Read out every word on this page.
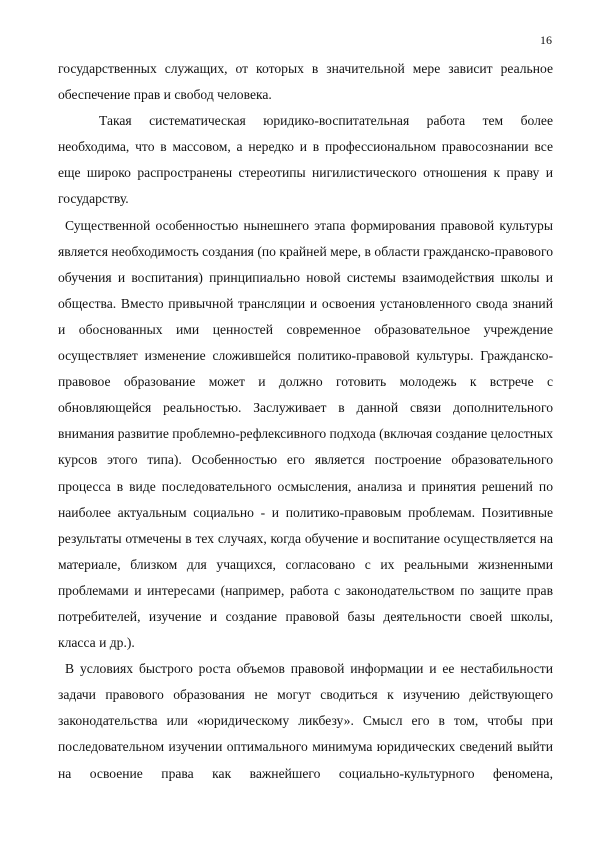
16

государственных служащих, от которых в значительной мере зависит реальное обеспечение прав и свобод человека.

Такая систематическая юридико-воспитательная работа тем более необходима, что в массовом, а нередко и в профессиональном правосознании все еще широко распространены стереотипы нигилистического отношения к праву и государству.

Существенной особенностью нынешнего этапа формирования правовой культуры является необходимость создания (по крайней мере, в области гражданско-правового обучения и воспитания) принципиально новой системы взаимодействия школы и общества. Вместо привычной трансляции и освоения установленного свода знаний и обоснованных ими ценностей современное образовательное учреждение осуществляет изменение сложившейся политико-правовой культуры. Гражданско-правовое образование может и должно готовить молодежь к встрече с обновляющейся реальностью. Заслуживает в данной связи дополнительного внимания развитие проблемно-рефлексивного подхода (включая создание целостных курсов этого типа). Особенностью его является построение образовательного процесса в виде последовательного осмысления, анализа и принятия решений по наиболее актуальным социально - и политико-правовым проблемам. Позитивные результаты отмечены в тех случаях, когда обучение и воспитание осуществляется на материале, близком для учащихся, согласовано с их реальными жизненными проблемами и интересами (например, работа с законодательством по защите прав потребителей, изучение и создание правовой базы деятельности своей школы, класса и др.).

В условиях быстрого роста объемов правовой информации и ее нестабильности задачи правового образования не могут сводиться к изучению действующего законодательства или «юридическому ликбезу». Смысл его в том, чтобы при последовательном изучении оптимального минимума юридических сведений выйти на освоение права как важнейшего социально-культурного феномена,
